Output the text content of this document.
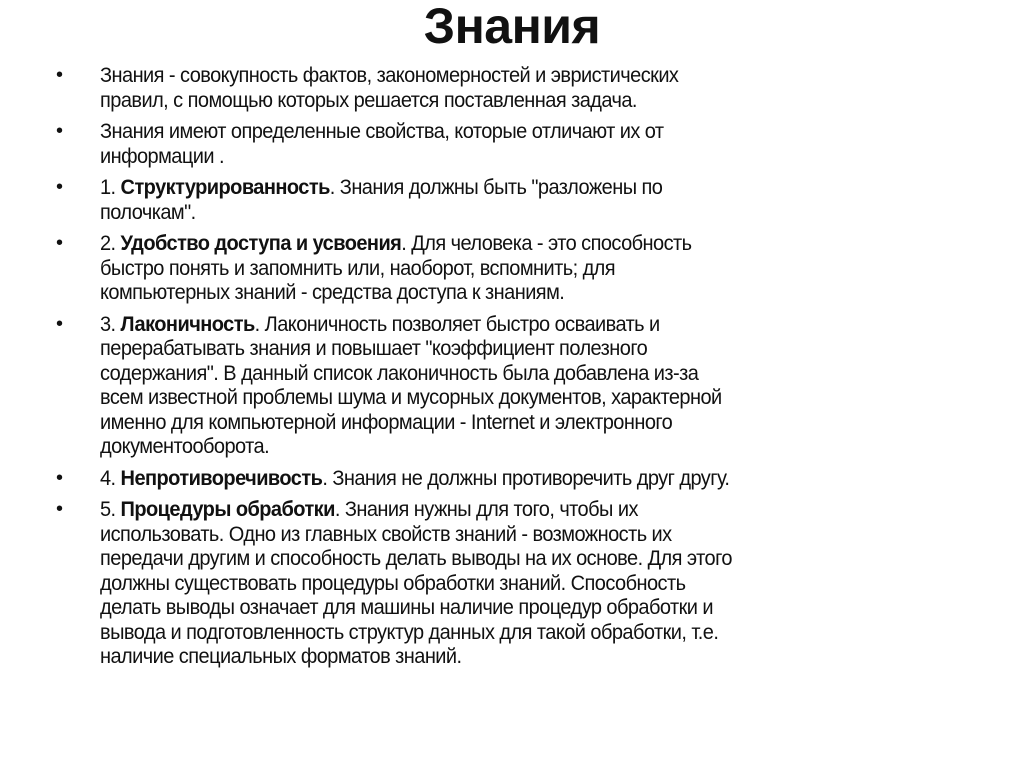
Знания
• Знания - совокупность фактов, закономерностей и эвристических
правил, с помощью которых решается поставленная задача.
• Знания имеют определенные свойства, которые отличают их от
информации .
• 1. Структурированность. Знания должны быть "разложены по
полочкам".
• 2. Удобство доступа и усвоения. Для человека - это способность
быстро понять и запомнить или, наоборот, вспомнить; для
компьютерных знаний - средства доступа к знаниям.
• 3. Лаконичность. Лаконичность позволяет быстро осваивать и
перерабатывать знания и повышает "коэффициент полезного
содержания". В данный список лаконичность была добавлена из-за
всем известной проблемы шума и мусорных документов, характерной
именно для компьютерной информации - Internet и электронного
документооборота.
• 4. Непротиворечивость. Знания не должны противоречить друг другу.
• 5. Процедуры обработки. Знания нужны для того, чтобы их
использовать. Одно из главных свойств знаний - возможность их
передачи другим и способность делать выводы на их основе. Для этого
должны существовать процедуры обработки знаний. Способность
делать выводы означает для машины наличие процедур обработки и
вывода и подготовленность структур данных для такой обработки, т.е.
наличие специальных форматов знаний.
